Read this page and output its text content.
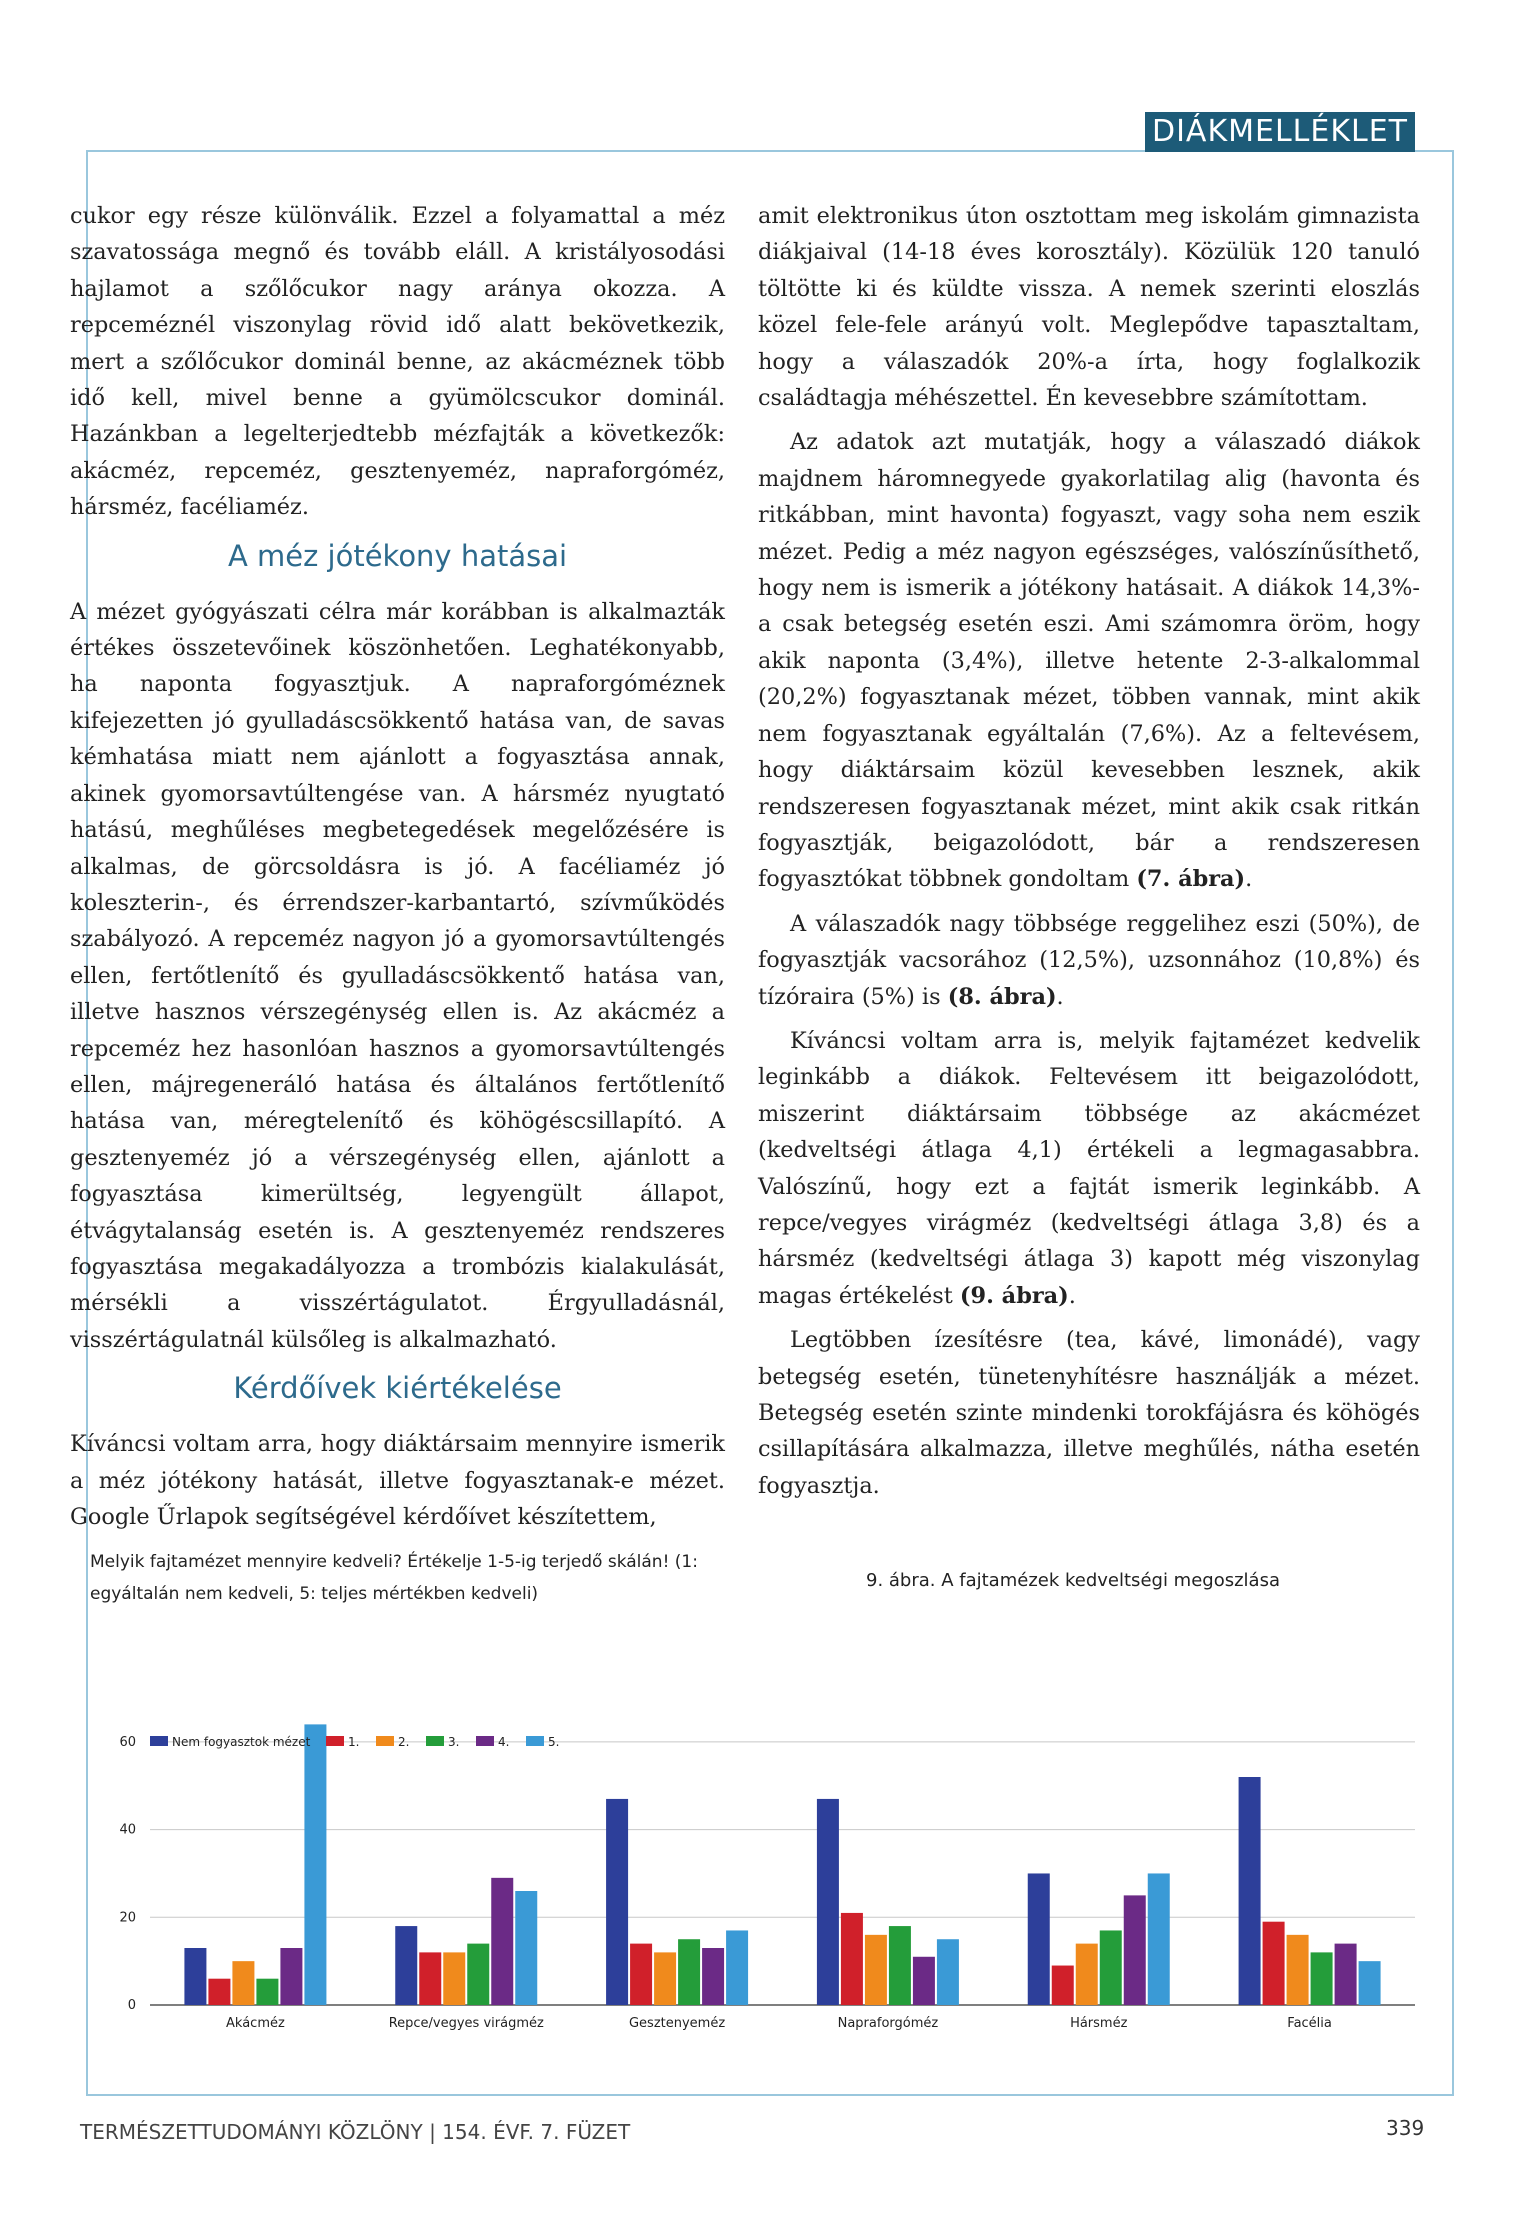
DIÁKMELLÉKLET

cukor egy része különválik. Ezzel a folyamattal a méz szavatossága megnő és tovább eláll. A kristályosodási hajlamot a szőlőcukor nagy aránya okozza. A repceméznél viszonylag rövid idő alatt bekövetkezik, mert a szőlőcukor dominál benne, az akácméznek több idő kell, mivel benne a gyümölcscukor dominál. Hazánkban a legelterjedtebb mézfajták a következők: akácméz, repceméz, gesztenyeméz, napraforgóméz, hársméz, facéliaméz.

A méz jótékony hatásai

A mézet gyógyászati célra már korábban is alkalmazták értékes összetevőinek köszönhetően. Leghatékonyabb, ha naponta fogyasztjuk. A napraforgóméznek kifejezetten jó gyulladáscsökkentő hatása van, de savas kémhatása miatt nem ajánlott a fogyasztása annak, akinek gyomorsavtúltengése van. A hársméz nyugtató hatású, meghűléses megbetegedések megelőzésére is alkalmas, de görcsoldásra is jó. A facéliaméz jó koleszterin-, és érrendszer-karbantartó, szívműködés szabályozó. A repceméz nagyon jó a gyomorsavtúltengés ellen, fertőtlenítő és gyulladáscsökkentő hatása van, illetve hasznos vérszegénység ellen is. Az akácméz a repceméz hez hasonlóan hasznos a gyomorsavtúltengés ellen, májregeneráló hatása és általános fertőtlenítő hatása van, méregtelenítő és köhögéscsillapító. A gesztenyeméz jó a vérszegénység ellen, ajánlott a fogyasztása kimerültség, legyengült állapot, étvágytalanság esetén is. A gesztenyeméz rendszeres fogyasztása megakadályozza a trombózis kialakulását, mérsékli a visszértágulatot. Érgyulladásnál, visszértágulatnál külsőleg is alkalmazható.

Kérdőívek kiértékelése

Kíváncsi voltam arra, hogy diáktársaim mennyire ismerik a méz jótékony hatását, illetve fogyasztanak-e mézet. Google Űrlapok segítségével kérdőívet készítettem,

amit elektronikus úton osztottam meg iskolám gimnazista diákjaival (14-18 éves korosztály). Közülük 120 tanuló töltötte ki és küldte vissza. A nemek szerinti eloszlás közel fele-fele arányú volt. Meglepődve tapasztaltam, hogy a válaszadók 20%-a írta, hogy foglalkozik családtagja méhészettel. Én kevesebbre számítottam.

Az adatok azt mutatják, hogy a válaszadó diákok majdnem háromnegyede gyakorlatilag alig (havonta és ritkábban, mint havonta) fogyaszt, vagy soha nem eszik mézet. Pedig a méz nagyon egészséges, valószínűsíthető, hogy nem is ismerik a jótékony hatásait. A diákok 14,3%-a csak betegség esetén eszi. Ami számomra öröm, hogy akik naponta (3,4%), illetve hetente 2-3-alkalommal (20,2%) fogyasztanak mézet, többen vannak, mint akik nem fogyasztanak egyáltalán (7,6%). Az a feltevésem, hogy diáktársaim közül kevesebben lesznek, akik rendszeresen fogyasztanak mézet, mint akik csak ritkán fogyasztják, beigazolódott, bár a rendszeresen fogyasztókat többnek gondoltam (7. ábra).

A válaszadók nagy többsége reggelihez eszi (50%), de fogyasztják vacsorához (12,5%), uzsonnához (10,8%) és tízóraira (5%) is (8. ábra).

Kíváncsi voltam arra is, melyik fajtamézet kedvelik leginkább a diákok. Feltevésem itt beigazolódott, miszerint diáktársaim többsége az akácmézet (kedveltségi átlaga 4,1) értékeli a legmagasabbra. Valószínű, hogy ezt a fajtát ismerik leginkább. A repce/vegyes virágméz (kedveltségi átlaga 3,8) és a hársméz (kedveltségi átlaga 3) kapott még viszonylag magas értékelést (9. ábra).

Legtöbben ízesítésre (tea, kávé, limonádé), vagy betegség esetén, tünetenyhítésre használják a mézet. Betegség esetén szinte mindenki torokfájásra és köhögés csillapítására alkalmazza, illetve meghűlés, nátha esetén fogyasztja.

Melyik fajtamézet mennyire kedveli? Értékelje 1-5-ig terjedő skálán! (1: egyáltalán nem kedveli, 5: teljes mértékben kedveli)
9. ábra. A fajtamézek kedveltségi megoszlása
0
20
40
60
Akácméz	Repce/vegyes virágméz	Gesztenyeméz	Napraforgóméz	Hársméz	Facélia
Nem fogyasztok mézet	1.	2.	3.	4.	5.
TERMÉSZETTUDOMÁNYI KÖZLÖNY | 154. ÉVF. 7. FÜZET	339
